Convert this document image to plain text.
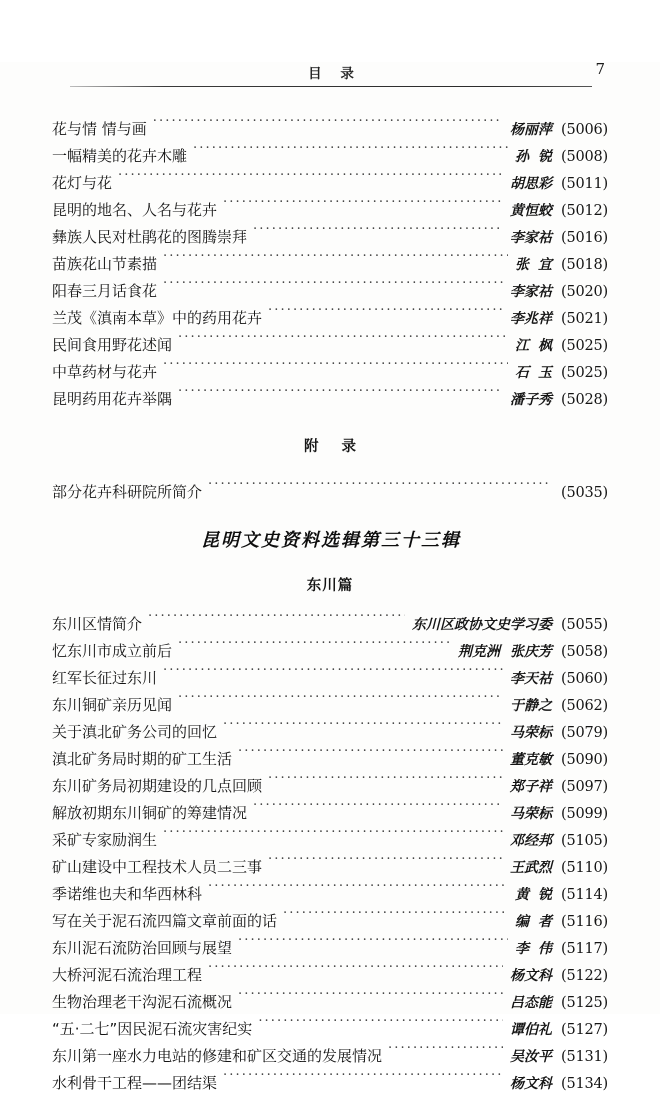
目 录	7
花与情 情与画 .....	杨丽萍 (5006)
一幅精美的花卉木雕 .....	孙 锐 (5008)
花灯与花 .....	胡思彩 (5011)
昆明的地名、人名与花卉 .....	黄恒蛟 (5012)
彝族人民对杜鹃花的图腾崇拜 .....	李家祜 (5016)
苗族花山节素描 .....	张 宜 (5018)
阳春三月话食花 .....	李家祜 (5020)
兰茂《滇南本草》中的药用花卉 .....	李兆祥 (5021)
民间食用野花述闻 .....	江 枫 (5025)
中草药材与花卉 .....	石 玉 (5025)
昆明药用花卉举隅 .....	潘子秀 (5028)
附 录
部分花卉科研院所简介 .....	(5035)
昆明文史资料选辑第三十三辑
东川篇
东川区情简介 .....	东川区政协文史学习委 (5055)
忆东川市成立前后 .....	荆克洲 张庆芳 (5058)
红军长征过东川 .....	李天祜 (5060)
东川铜矿亲历见闻 .....	于静之 (5062)
关于滇北矿务公司的回忆 .....	马荣标 (5079)
滇北矿务局时期的矿工生活 .....	董克敏 (5090)
东川矿务局初期建设的几点回顾 .....	郑子祥 (5097)
解放初期东川铜矿的筹建情况 .....	马荣标 (5099)
采矿专家励润生 .....	邓经邦 (5105)
矿山建设中工程技术人员二三事 .....	王武烈 (5110)
季诺维也夫和华西林科 .....	黄 锐 (5114)
写在关于泥石流四篇文章前面的话 .....	编 者 (5116)
东川泥石流防治回顾与展望 .....	李 伟 (5117)
大桥河泥石流治理工程 .....	杨文科 (5122)
生物治理老干沟泥石流概况 .....	吕态能 (5125)
“五·二七”因民泥石流灾害纪实 .....	谭伯礼 (5127)
东川第一座水力电站的修建和矿区交通的发展情况 .....	吴汝平 (5131)
水利骨干工程——团结渠 .....	杨文科 (5134)
